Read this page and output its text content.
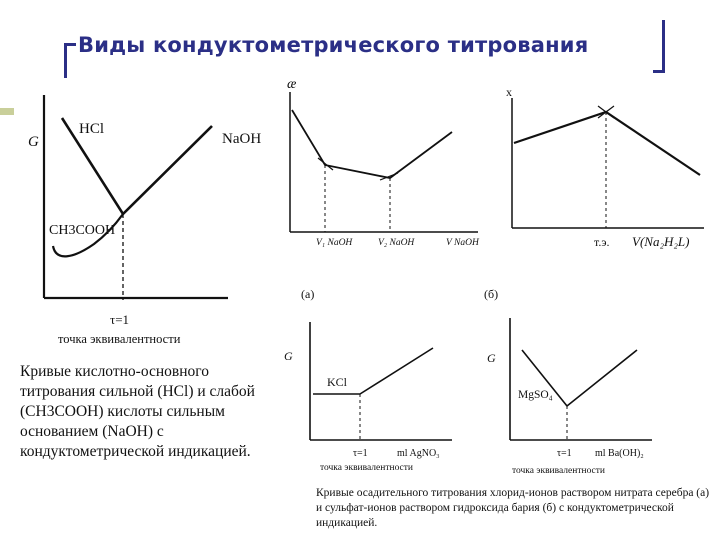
Виды кондуктометрического титрования
G
HCl
NaOH
CH3COOH
τ=1
точка эквивалентности
æ
V₁ NaOH	V₂ NaOH	V NaOH
(а)
x
т.э. V(Na₂H₂L)
(б)
G
KCl
τ=1	ml AgNO₃
точка эквивалентности
G
MgSO₄
τ=1 ml Ba(OH)₂
точка эквивалентности
Кривые кислотно-основного титрования сильной (HCl) и слабой (CH3COOH) кислоты сильным основанием (NaOH) с кондуктометрической индикацией.
Кривые осадительного титрования хлорид-ионов раствором нитрата серебра (а) и сульфат-ионов раствором гидроксида бария (б) с кондуктометрической индикацией.
